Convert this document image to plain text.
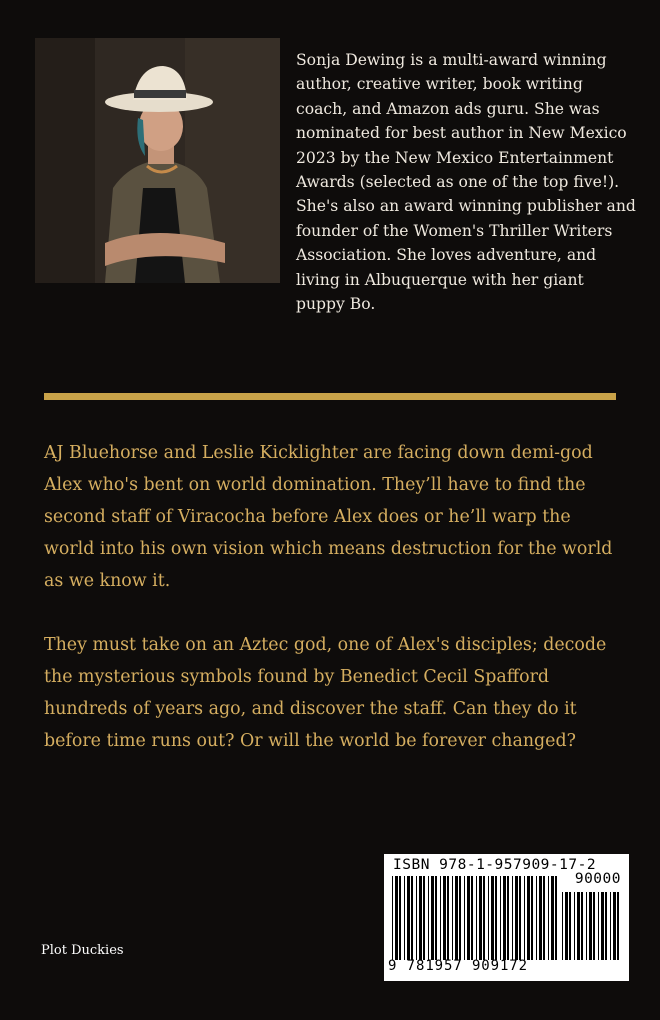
Sonja Dewing is a multi-award winning author, creative writer, book writing coach, and Amazon ads guru. She was nominated for best author in New Mexico 2023 by the New Mexico Entertainment Awards (selected as one of the top five!). She's also an award winning publisher and founder of the Women's Thriller Writers Association. She loves adventure, and living in Albuquerque with her giant puppy Bo.

AJ Bluehorse and Leslie Kicklighter are facing down demi-god Alex who's bent on world domination. They’ll have to find the second staff of Viracocha before Alex does or he’ll warp the world into his own vision which means destruction for the world as we know it.

They must take on an Aztec god, one of Alex's disciples; decode the mysterious symbols found by Benedict Cecil Spafford hundreds of years ago, and discover the staff. Can they do it before time runs out? Or will the world be forever changed?

Plot Duckies

ISBN 978-1-957909-17-2
90000
9 781957 909172
